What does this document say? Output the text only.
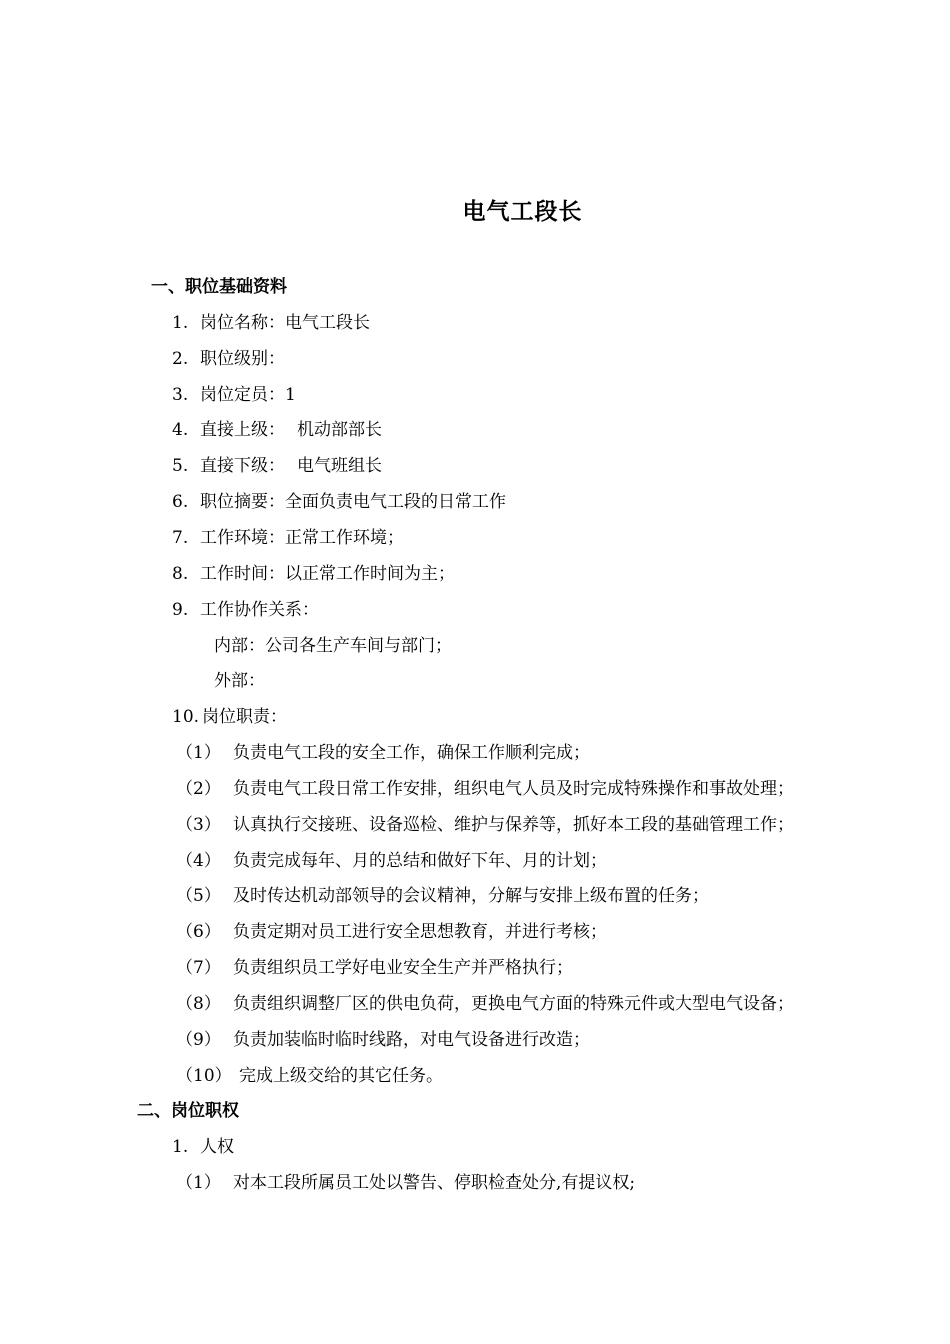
电气工段长
一、职位基础资料
1. 岗位名称：电气工段长
2. 职位级别：
3. 岗位定员：1
4. 直接上级： 机动部部长
5. 直接下级： 电气班组长
6. 职位摘要：全面负责电气工段的日常工作
7. 工作环境：正常工作环境；
8. 工作时间：以正常工作时间为主；
9. 工作协作关系：
内部：公司各生产车间与部门；
外部：
10. 岗位职责：
（1） 负责电气工段的安全工作，确保工作顺利完成；
（2） 负责电气工段日常工作安排，组织电气人员及时完成特殊操作和事故处理；
（3） 认真执行交接班、设备巡检、维护与保养等，抓好本工段的基础管理工作；
（4） 负责完成每年、月的总结和做好下年、月的计划；
（5） 及时传达机动部领导的会议精神，分解与安排上级布置的任务；
（6） 负责定期对员工进行安全思想教育，并进行考核；
（7） 负责组织员工学好电业安全生产并严格执行；
（8） 负责组织调整厂区的供电负荷，更换电气方面的特殊元件或大型电气设备；
（9） 负责加装临时临时线路，对电气设备进行改造；
（10） 完成上级交给的其它任务。
二、岗位职权
1. 人权
（1） 对本工段所属员工处以警告、停职检查处分,有提议权;
